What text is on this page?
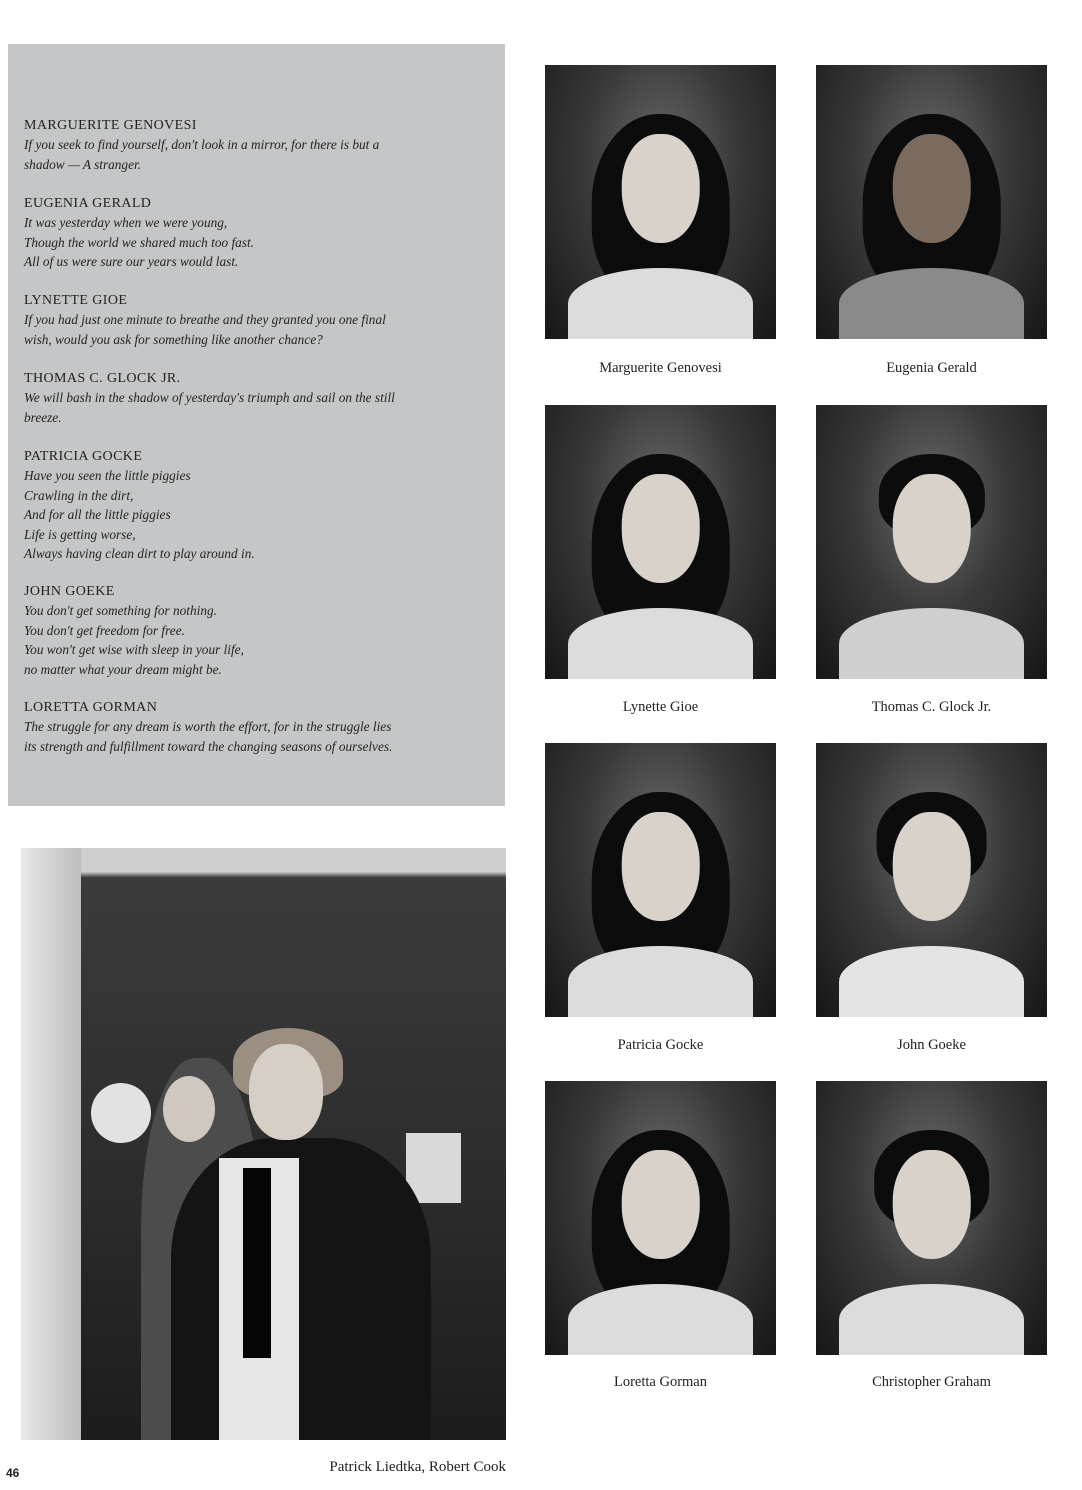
MARGUERITE GENOVESI
If you seek to find yourself, don't look in a mirror, for there is but a
shadow — A stranger.
EUGENIA GERALD
It was yesterday when we were young,
Though the world we shared much too fast.
All of us were sure our years would last.
LYNETTE GIOE
If you had just one minute to breathe and they granted you one final
wish, would you ask for something like another chance?
THOMAS C. GLOCK JR.
We will bash in the shadow of yesterday's triumph and sail on the still
breeze.
PATRICIA GOCKE
Have you seen the little piggies
Crawling in the dirt,
And for all the little piggies
Life is getting worse,
Always having clean dirt to play around in.
JOHN GOEKE
You don't get something for nothing.
You don't get freedom for free.
You won't get wise with sleep in your life,
no matter what your dream might be.
LORETTA GORMAN
The struggle for any dream is worth the effort, for in the struggle lies
its strength and fulfillment toward the changing seasons of ourselves.
Marguerite Genovesi	Eugenia Gerald
Lynette Gioe	Thomas C. Glock Jr.
Patricia Gocke	John Goeke
Loretta Gorman	Christopher Graham
Patrick Liedtka, Robert Cook
46
